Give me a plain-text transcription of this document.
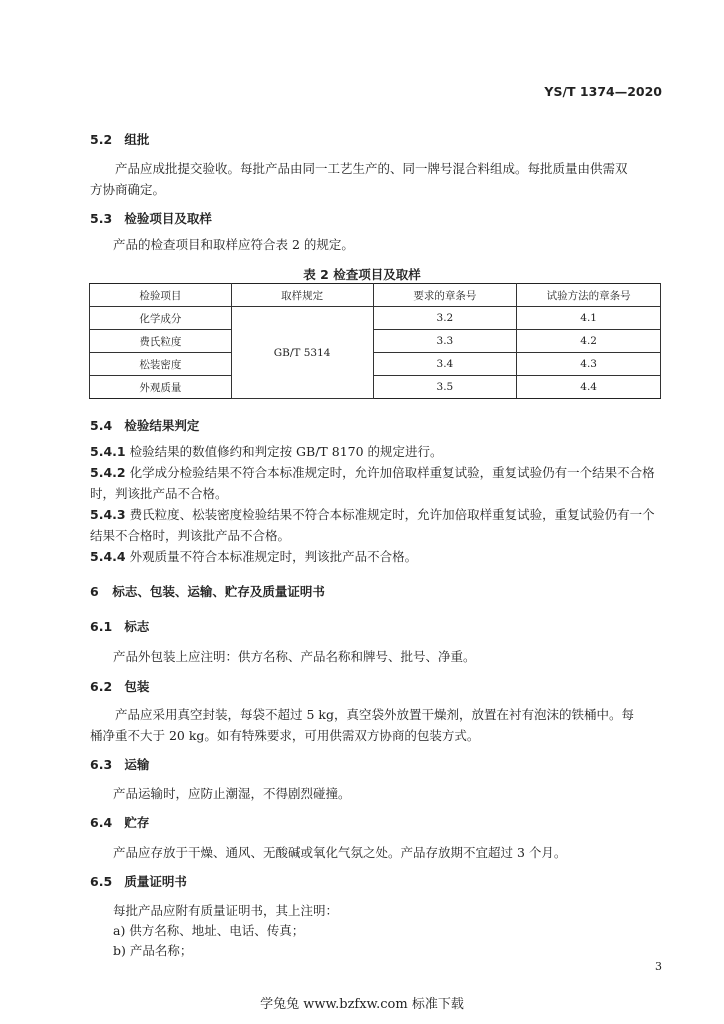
YS/T 1374—2020
5.2 组批
产品应成批提交验收。每批产品由同一工艺生产的、同一牌号混合料组成。每批质量由供需双方协商确定。
5.3 检验项目及取样
产品的检查项目和取样应符合表 2 的规定。
表 2 检查项目及取样
检验项目	取样规定	要求的章条号	试验方法的章条号
化学成分	GB/T 5314	3.2	4.1
费氏粒度		3.3	4.2
松装密度		3.4	4.3
外观质量		3.5	4.4
5.4 检验结果判定
5.4.1 检验结果的数值修约和判定按 GB/T 8170 的规定进行。
5.4.2 化学成分检验结果不符合本标准规定时，允许加倍取样重复试验，重复试验仍有一个结果不合格
时，判该批产品不合格。
5.4.3 费氏粒度、松装密度检验结果不符合本标准规定时，允许加倍取样重复试验，重复试验仍有一个
结果不合格时，判该批产品不合格。
5.4.4 外观质量不符合本标准规定时，判该批产品不合格。
6 标志、包装、运输、贮存及质量证明书
6.1 标志
产品外包装上应注明：供方名称、产品名称和牌号、批号、净重。
6.2 包装
产品应采用真空封装，每袋不超过 5 kg，真空袋外放置干燥剂，放置在衬有泡沫的铁桶中。每桶净重不大于 20 kg。如有特殊要求，可用供需双方协商的包装方式。
6.3 运输
产品运输时，应防止潮湿，不得剧烈碰撞。
6.4 贮存
产品应存放于干燥、通风、无酸碱或氧化气氛之处。产品存放期不宜超过 3 个月。
6.5 质量证明书
每批产品应附有质量证明书，其上注明：
a) 供方名称、地址、电话、传真；
b) 产品名称；
3
学兔兔 www.bzfxw.com 标准下载
